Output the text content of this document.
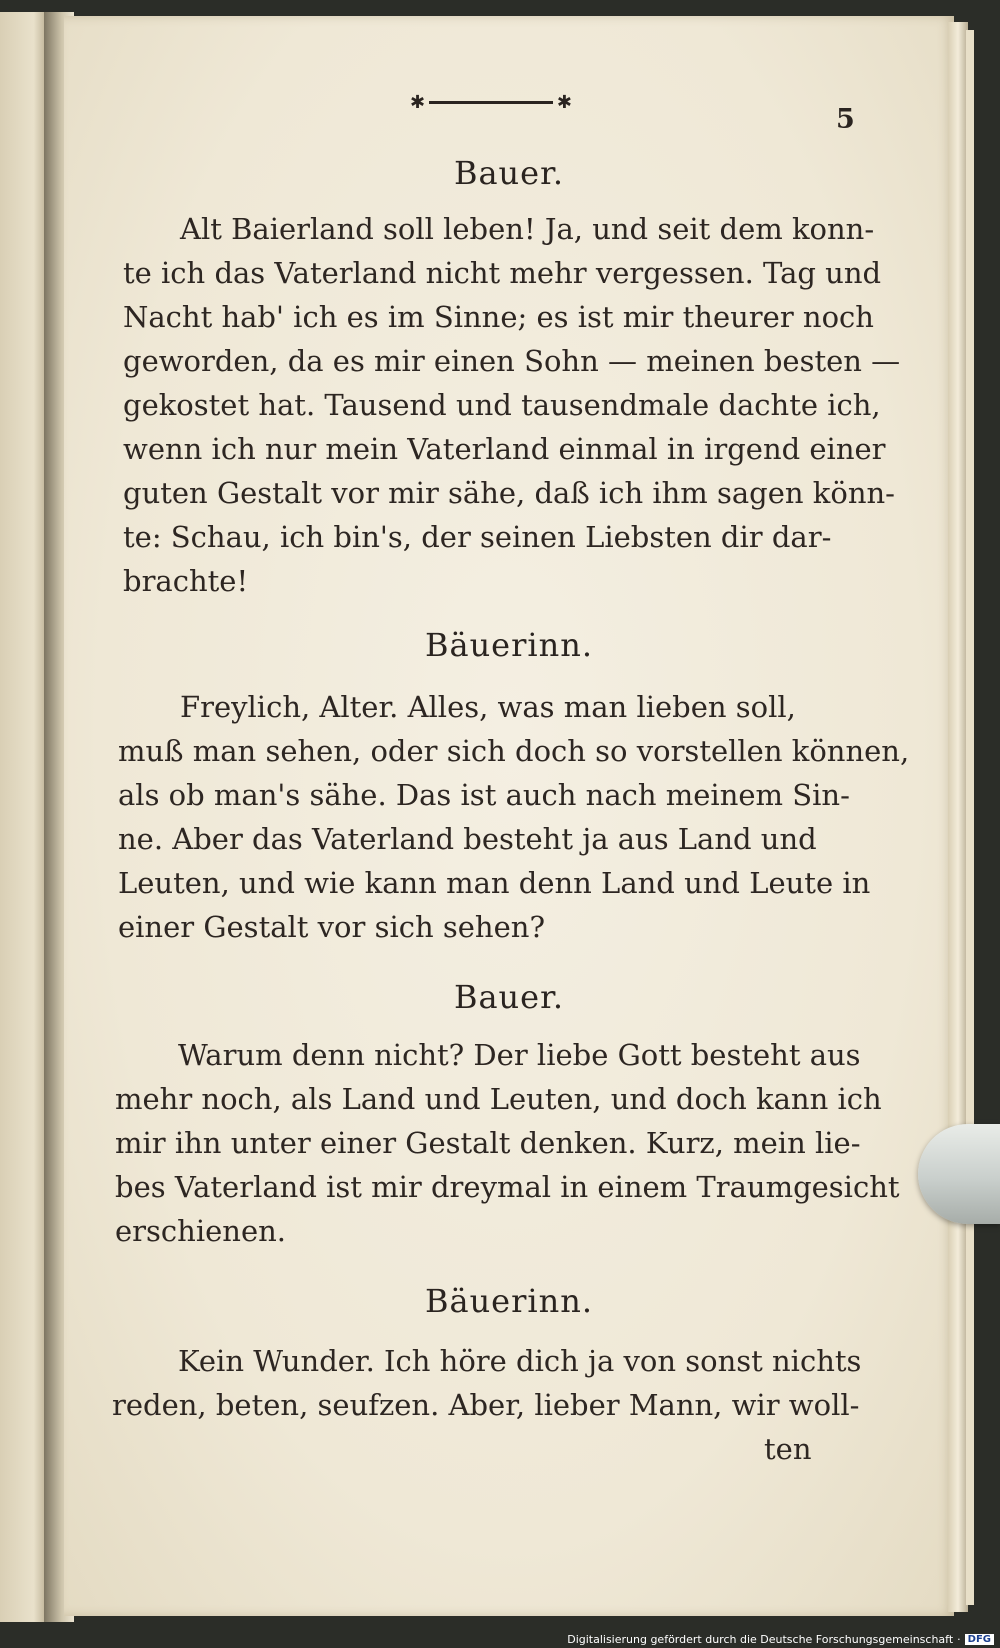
✱	✱
5
Bauer.
Alt Baierland soll leben! Ja, und seit dem konn-
te ich das Vaterland nicht mehr vergessen. Tag und
Nacht hab' ich es im Sinne; es ist mir theurer noch
geworden, da es mir einen Sohn — meinen besten —
gekostet hat. Tausend und tausendmale dachte ich,
wenn ich nur mein Vaterland einmal in irgend einer
guten Gestalt vor mir sähe, daß ich ihm sagen könn-
te: Schau, ich bin's, der seinen Liebsten dir dar-
brachte!
Bäuerinn.
Freylich, Alter. Alles, was man lieben soll,
muß man sehen, oder sich doch so vorstellen können,
als ob man's sähe. Das ist auch nach meinem Sin-
ne. Aber das Vaterland besteht ja aus Land und
Leuten, und wie kann man denn Land und Leute in
einer Gestalt vor sich sehen?
Bauer.
Warum denn nicht? Der liebe Gott besteht aus
mehr noch, als Land und Leuten, und doch kann ich
mir ihn unter einer Gestalt denken. Kurz, mein lie-
bes Vaterland ist mir dreymal in einem Traumgesicht
erschienen.
Bäuerinn.
Kein Wunder. Ich höre dich ja von sonst nichts
reden, beten, seufzen. Aber, lieber Mann, wir woll-
ten
Digitalisierung gefördert durch die Deutsche Forschungsgemeinschaft · DFG
